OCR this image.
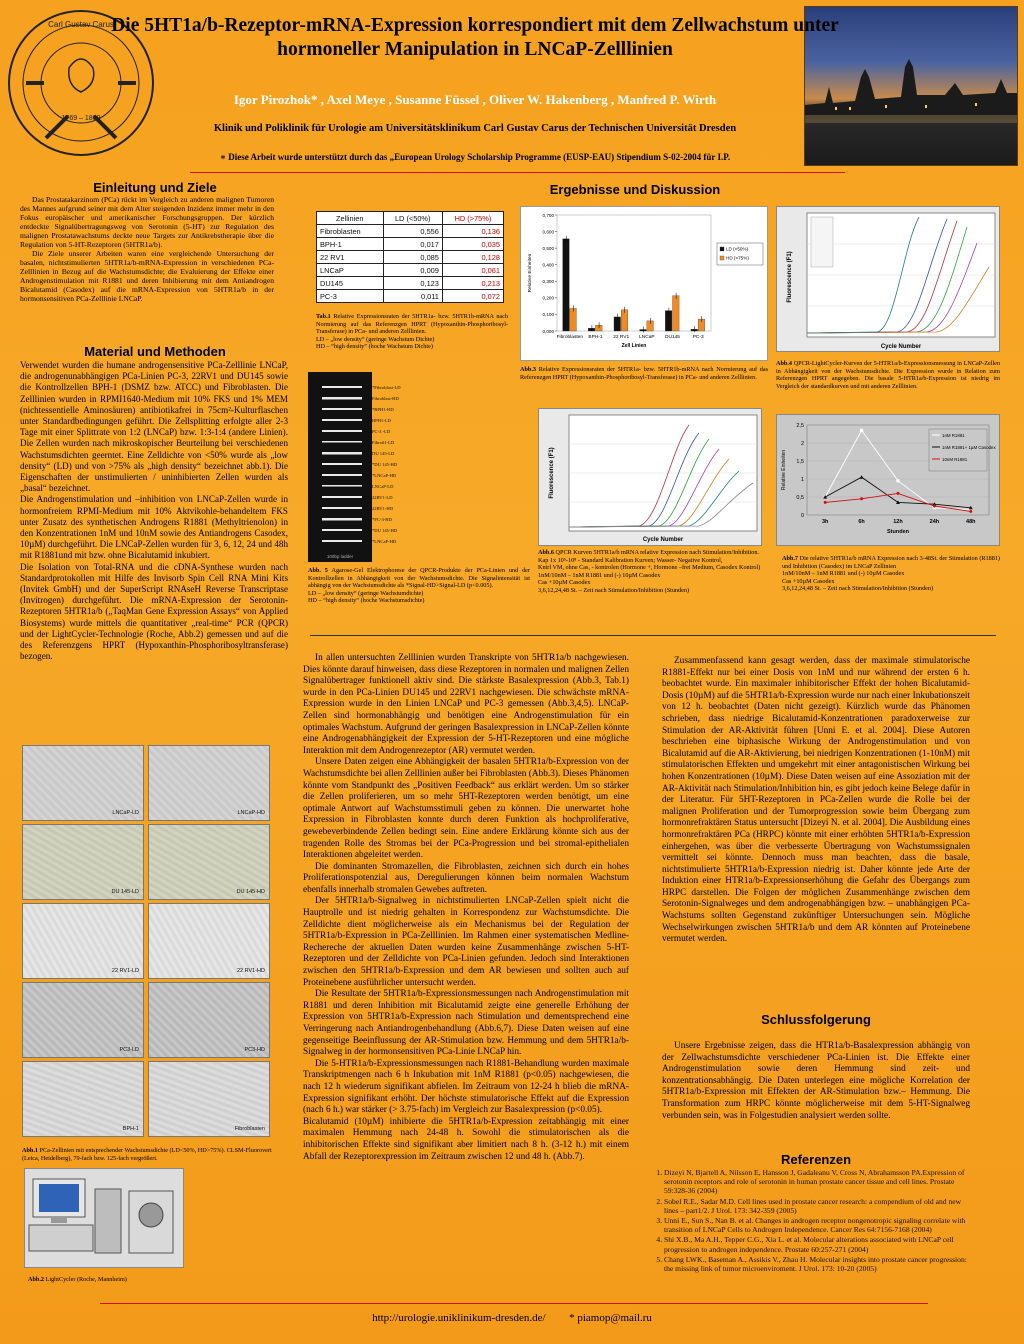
Carl Gustav Carus
1769 – 1869
Die 5HT1a/b-Rezeptor-mRNA-Expression korrespondiert mit dem Zellwachstum unter hormoneller Manipulation in LNCaP-Zelllinien
Igor Pirozhok* , Axel Meye , Susanne Füssel , Oliver W. Hakenberg , Manfred P. Wirth
Klinik und Poliklinik für Urologie am Universitätsklinikum Carl Gustav Carus der Technischen Universität Dresden
∗ Diese Arbeit wurde unterstützt durch das „European Urology Scholarship Programme (EUSP-EAU) Stipendium S-02-2004 für I.P.
Einleitung und Ziele

Das Prostatakarzinom (PCa) rückt im Vergleich zu anderen malignen Tumoren des Mannes aufgrund seiner mit dem Alter steigenden Inzidenz immer mehr in den Fokus europäischer und amerikanischer Forschungsgruppen. Der kürzlich entdeckte Signalübertragungsweg von Serotonin (5-HT) zur Regulation des malignen Prostatawachstums deckte neue Targets zur Antikrebstherapie über die Regulation von 5-HT-Rezeptoren (5HTR1a/b).

Die Ziele unserer Arbeiten waren eine vergleichende Untersuchung der basalen, nichtstimulierten 5HTR1a/b-mRNA-Expression in verschiedenen PCa-Zelllinien in Bezug auf die Wachstumsdichte; die Evaluierung der Effekte einer Androgenstimulation mit R1881 und deren Inhibierung mit dem Antiandrogen Bicalutamid (Casodex) auf die mRNA-Expression von 5HTR1a/b in der hormonsensitiven PCa-Zelllinie LNCaP.

Material und Methoden

Verwendet wurden die humane androgensensitive PCa-Zelllinie LNCaP, die androgenunabhängigen PCa-Linien PC-3, 22RV1 und DU145 sowie die Kontrollzellen BPH-1 (DSMZ bzw. ATCC) und Fibroblasten. Die Zelllinien wurden in RPMI1640-Medium mit 10% FKS und 1% MEM (nichtessentielle Aminosäuren) antibiotikafrei in 75cm²-Kulturflaschen unter Standardbedingungen geführt. Die Zellsplitting erfolgte aller 2-3 Tage mit einer Splittrate von 1:2 (LNCaP) bzw. 1:3-1:4 (andere Linien). Die Zellen wurden nach mikroskopischer Beurteilung bei verschiedenen Wachstumsdichten geerntet. Eine Zelldichte von <50% wurde als „low density“ (LD) und von >75% als „high density“ bezeichnet abb.1). Die Eigenschaften der unstimulierten / uninhibierten Zellen wurden als „basal“ bezeichnet.

Die Androgenstimulation und –inhibition von LNCaP-Zellen wurde in hormonfreiem RPMI-Medium mit 10% Aktvikohle-behandeltem FKS unter Zusatz des synthetischen Androgens R1881 (Methyltrienolon) in den Konzentrationen 1nM und 10nM sowie des Antiandrogens Casodex, 10µM) durchgeführt. Die LNCaP-Zellen wurden für 3, 6, 12, 24 und 48h mit R1881und mit bzw. ohne Bicalutamid inkubiert.

Die Isolation von Total-RNA und die cDNA-Synthese wurden nach Standardprotokollen mit Hilfe des Invisorb Spin Cell RNA Mini Kits (Invitek GmbH) und der SuperScript RNAseH Reverse Transcriptase (Invitrogen) durchgeführt. Die mRNA-Expression der Serotonin-Rezeptoren 5HTR1a/b („TaqMan Gene Expression Assays“ von Applied Biosystems) wurde mittels die quantitativer „real-time“ PCR (QPCR) und der LightCycler-Technologie (Roche, Abb.2) gemessen und auf die des Referenzgens HPRT (Hypoxanthin-Phosphoribosyltransferase) bezogen.

LNCaP-LD	LNCaP-HD
DU 145-LD	DU 145-HD
22 RV1-LD	22 RV1-HD
PC3-LD	PC3-HD
BPH-1	Fibroblasten
Abb.1 PCa-Zellinien mit entsprechender Wachstumsdichte (LD<50%, HD>75%). CLSM-Fluorovert (Leica, Heidelberg), 79-fach bzw. 125-fach vergrößert.
Abb.2 LightCycler (Roche, Mannheim)
Ergebnisse und Diskussion
Zellinien	LD (<50%)	HD (>75%)
Fibroblasten	0,556	0,136
BPH-1	0,017	0,035
22 RV1	0,085	0,128
LNCaP	0,009	0,061
DU145	0,123	0,213
PC-3	0,011	0,072
Tab.1 Relative Expressionsraten der 5HTR1a- bzw. 5HTR1b-mRNA nach Normierung auf das Referenzgen HPRT (Hypoxanthin-Phosphoribosyl-Transferase) in PCa- und anderen Zelllinien.
LD – „low density“ (geringe Wachstum Dichte)
HD – “high density” (hoche Wachstum Dichte)
0,000
0,100
0,200
0,300
0,400
0,500
0,600
0,700
Fibroblasten BPH-1 22 RV1 LNCaP DU145	PC-3
Zell Linien
Relative Einheiten
LD (<50%)
HD (>75%)
Abb.3 Relative Expressionsraten der 5HTR1a- bzw. 5HTR1b-mRNA nach Normierung auf das Referenzgen HPRT (Hypoxanthin-Phosphoribosyl-Transferase) in PCa- und anderen Zelllinien.
Cycle Number
Fluorescence (F1)
Abb.4 QPCR-LightCycler-Kurven der 5-HTR1a/b-Expressionsmessung in LNCaP-Zellen in Abhängigkeit von der Wachstumsdichte. Die Expression wurde in Relation zum Referenzgen HPRT angegeben. Die basale 5-HTR1a/b-Expression ist niedrig im Vergleich der standardkurven und mit anderen Zelllinien.
100bp ladder
*Fibroblast-LD
Fibroblast-HD
*BPH1-HD
BPH1-LD
PC-3 -LD
Fibro#1-LD
DU 145-LD
*DU 145-HD
*LNCaP-HD
LNCaP-LD
22RV1-LD
22RV1-HD
*PC-3-HD
*DU 145-HD
*LNCaP-HD
Abb. 5 Agarose-Gel Elektrophorese der QPCR-Produkte der PCa-Linien und der Kontrollzellen in Abhängigkeit von der Wachstumsdichte. Die Signalintensität ist abhängig von der Wachstumsdichte als *Signal-HD>Signal-LD (p<0.005).
LD – „low density“ (geringe Wachstumdichte)
HD – “high density” (hoche Wachstumsdichte)
Cycle Number
Fluorescence (F1)
Abb.6 QPCR Kurven 5HTR1a/b mRNA relative Expression nach Stimulation/Inhibition.
Kap 1x 10⁵-10⁸ - Standard Kalibration Kurven; Wasser- Negative Kontrol,
Kntrl VM, ohne Cas, - kontrolen (Hormone +, Hormone –frei Medium, Casodex Kontrol)
1nM/10nM – 1nM R1881 und (-) 10µM Casodex
Cas +10µM Casodex
3,6,12,24,48 St. – Zeit nach Stimulation/Inhibition (Stunden)
0
0,5
1
1,5
2
2,5
3h	6h	12h	24h	48h
Stunden
Relative Einheiten
1nM R1881
1nM R1881+ 1µM Casodex
10nM R1881
Abb.7 Die relative 5HTR1a/b mRNA Expression nach 3-48St. der Stimulation (R1881) und Inhibition (Casodex) im LNCaP Zellinien
1nM/10nM – 1nM R1881 und (-) 10µM Casodex
Cas +10µM Casodex
3,6,12,24,48 St. – Zeit nach Stimulation/Inhibition (Stunden)

In allen untersuchten Zelllinien wurden Transkripte von 5HTR1a/b nachgewiesen. Dies könnte darauf hinweisen, dass diese Rezeptoren in normalen und malignen Zellen Signalübertrager funktionell aktiv sind. Die stärkste Basalexpression (Abb.3, Tab.1) wurde in den PCa-Linien DU145 und 22RV1 nachgewiesen. Die schwächste mRNA-Expression wurde in den Linien LNCaP und PC-3 gemessen (Abb.3,4,5). LNCaP-Zellen sind hormonabhängig und benötigen eine Androgenstimulation für ein optimales Wachstum. Aufgrund der geringen Basalexpression in LNCaP-Zellen könnte eine Androgenabhängigkeit der Expression der 5-HT-Rezeptoren und eine mögliche Interaktion mit dem Androgenrezeptor (AR) vermutet werden.

Unsere Daten zeigen eine Abhängigkeit der basalen 5HTR1a/b-Expression von der Wachstumsdichte bei allen Zelllinien außer bei Fibroblasten (Abb.3). Dieses Phänomen könnte vom Standpunkt des „Positiven Feedback“ aus erklärt werden. Um so stärker die Zellen proliferieren, um so mehr 5HT-Rezeptoren werden benötigt, um eine optimale Antwort auf Wachstumsstimuli geben zu können. Die unerwartet hohe Expression in Fibroblasten konnte durch deren Funktion als hochproliferative, gewebeverbindende Zellen bedingt sein. Eine andere Erklärung könnte sich aus der tragenden Rolle des Stromas bei der PCa-Progression und bei stromal-epithelialen Interaktionen abgeleitet werden.

Die dominanten Stromazellen, die Fibroblasten, zeichnen sich durch ein hohes Proliferationspotenzial aus, Deregulierungen können beim normalen Wachstum ebenfalls innerhalb stromalen Gewebes auftreten.

Der 5HTR1a/b-Signalweg in nichtstimulierten LNCaP-Zellen spielt nicht die Hauptrolle und ist niedrig gehalten in Korrespondenz zur Wachstumsdichte. Die Zelldichte dient möglicherweise als ein Mechanismus bei der Regulation der 5HTR1a/b-Expression in PCa-Zelllinien. Im Rahmen einer systematischen Medline-Rechereche der aktuellen Daten wurden keine Zusammenhänge zwischen 5-HT-Rezeptoren und der Zelldichte von PCa-Linien gefunden. Jedoch sind Interaktionen zwischen den 5HTR1a/b-Expression und dem AR bewiesen und sollten auch auf Proteinebene ausführlicher untersucht werden.

Die Resultate der 5HTR1a/b-Expressionsmessungen nach Androgenstimulation mit R1881 und deren Inhibition mit Bicalutamid zeigte eine generelle Erhöhung der Expression von 5HTR1a/b-Expression nach Stimulation und dementsprechend eine Verringerung nach Antiandrogenbehandlung (Abb.6,7). Diese Daten weisen auf eine gegenseitige Beeinflussung der AR-Stimulation bzw. Hemmung und dem 5HTR1a/b-Signalweg in der hormonsensitiven PCa-Linie LNCaP hin.

Die 5-HTR1a/b-Expressionsmessungen nach R1881-Behandlung wurden maximale Transkriptmengen nach 6 h Inkubation mit 1nM R1881 (p<0.05) nachgewiesen, die nach 12 h wiederum signifikant abfielen. Im Zeitraum von 12-24 h blieb die mRNA-Expression signifikant erhöht. Der höchste stimulatorische Effekt auf die Expression (nach 6 h.) war stärker (> 3.75-fach) im Vergleich zur Basalexpression (p<0.05).

Bicalutamid (10µM) inhibierte die 5HTR1a/b-Expression zeitabhängig mit einer maximalen Hemmung nach 24-48 h. Sowohl die stimulatorischen als die inhibitorischen Effekte sind signifikant aber limitiert nach 8 h. (3-12 h.) mit einem Abfall der Rezeptorexpression im Zeitraum zwischen 12 und 48 h. (Abb.7).

Zusammenfassend kann gesagt werden, dass der maximale stimulatorische R1881-Effekt nur bei einer Dosis von 1nM und nur während der ersten 6 h. beobachtet wurde. Ein maximaler inhibitorischer Effekt der hohen Bicalutamid-Dosis (10µM) auf die 5HTR1a/b-Expression wurde nur nach einer Inkubationszeit von 12 h. beobachtet (Daten nicht gezeigt). Kürzlich wurde das Phänomen schrieben, dass niedrige Bicalutamid-Konzentrationen paradoxerweise zur Stimulation der AR-Aktivität führen [Unni E. et al. 2004]. Diese Autoren beschrieben eine biphasische Wirkung der Androgenstimulation und von Bicalutamid auf die AR-Aktivierung, bei niedrigen Konzentrationen (1-10nM) mit stimulatorischen Effekten und umgekehrt mit einer antagonistischen Wirkung bei hohen Konzentrationen (10µM). Diese Daten weisen auf eine Assoziation mit der AR-Aktivität nach Stimulation/Inhibition hin, es gibt jedoch keine Belege dafür in der Literatur. Für 5HT-Rezeptoren in PCa-Zellen wurde die Rolle bei der malignen Proliferation und der Tumorprogression sowie beim Übergang zum hormonrefraktären Status untersucht [Dizeyi N. et al. 2004]. Die Ausbildung eines hormonrefraktären PCa (HRPC) könnte mit einer erhöhten 5HTR1a/b-Expression einhergehen, was über die verbesserte Übertragung von Wachstumssignalen vermittelt sei könnte. Dennoch muss man beachten, dass die basale, nichtstimulierte 5HTR1a/b-Expression niedrig ist. Daher könnte jede Arte der Induktion einer HTR1a/b-Expressionserhöhung die Gefahr des Übergangs zum HRPC darstellen. Die Folgen der möglichen Zusammenhänge zwischen dem Serotonin-Signalweges und dem androgenabhängigen bzw. – unabhängigen PCa-Wachstums sollten Gegenstand zukünftiger Untersuchungen sein. Mögliche Wechselwirkungen zwischen 5HTR1a/b und dem AR könnten auf Proteinebene vermutet werden.

Schlussfolgerung

Unsere Ergebnisse zeigen, dass die HTR1a/b-Basalexpression abhängig von der Zellwachstumsdichte verschiedener PCa-Linien ist. Die Effekte einer Androgenstimulation sowie deren Hemmung sind zeit- und konzentrationsabhängig. Die Daten unterlegen eine mögliche Korrelation der 5HTR1a/b-Expression mit Effekten der AR-Stimulation bzw.– Hemmung. Die Transformation zum HRPC könnte möglicherweise mit dem 5-HT-Signalweg verbunden sein, was in Folgestudien analysiert werden sollte.

Referenzen
1. Dizeyi N, Bjartell A, Nilsson E, Hansson J, Gadaleanu V, Cross N, Abrahamsson PA.Expression of serotonin receptors and role of serotonin in human prostate cancer tissue and cell lines. Prostate 59:328-36 (2004)
2. Sobel R.E., Sadar M.D. Cell lines used in prostate cancer research: a compendium of old and new lines – part1/2. J Urol. 173: 342-359 (2005)
3. Unni E., Sun S., Nan B. et al. Changes in androgen receptor nongenotropic signaling correlate with transition of LNCaP Cells to Androgen Independence. Cancer Res 64:7156-7168 (2004)
4. Shi X.B., Ma A.H., Tepper C.G., Xia L. et al. Molecular alterations associated with LNCaP cell progression to androgen independence. Prostate 60:257-271 (2004)
5. Chang LWK., Baseman A., Assikis V., Zhau H. Molecular insights into prostate cancer progression: the missing link of tumor microenviroment. J Urol. 173: 10-20 (2005)
http://urologie.uniklinikum-dresden.de/ * piamop@mail.ru
